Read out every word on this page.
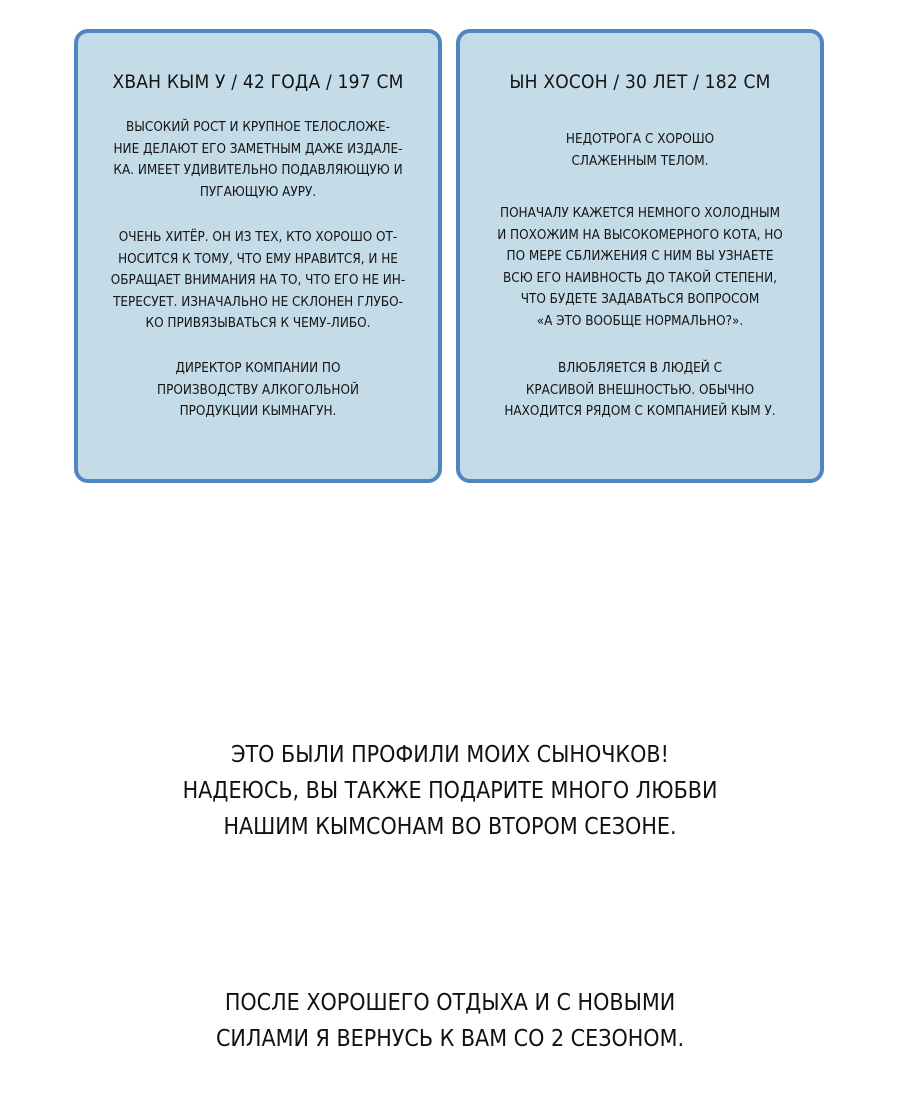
ХВАН КЫМ У / 42 ГОДА / 197 СМ

ВЫСОКИЙ РОСТ И КРУПНОЕ ТЕЛОСЛОЖЕ-
НИЕ ДЕЛАЮТ ЕГО ЗАМЕТНЫМ ДАЖЕ ИЗДАЛЕ-
КА. ИМЕЕТ УДИВИТЕЛЬНО ПОДАВЛЯЮЩУЮ И
ПУГАЮЩУЮ АУРУ.

ОЧЕНЬ ХИТЁР. ОН ИЗ ТЕХ, КТО ХОРОШО ОТ-
НОСИТСЯ К ТОМУ, ЧТО ЕМУ НРАВИТСЯ, И НЕ
ОБРАЩАЕТ ВНИМАНИЯ НА ТО, ЧТО ЕГО НЕ ИН-
ТЕРЕСУЕТ. ИЗНАЧАЛЬНО НЕ СКЛОНЕН ГЛУБО-
КО ПРИВЯЗЫВАТЬСЯ К ЧЕМУ-ЛИБО.

ДИРЕКТОР КОМПАНИИ ПО
ПРОИЗВОДСТВУ АЛКОГОЛЬНОЙ
ПРОДУКЦИИ КЫМНАГУН.

ЫН ХОСОН / 30 ЛЕТ / 182 СМ

НЕДОТРОГА С ХОРОШО
СЛАЖЕННЫМ ТЕЛОМ.

ПОНАЧАЛУ КАЖЕТСЯ НЕМНОГО ХОЛОДНЫМ
И ПОХОЖИМ НА ВЫСОКОМЕРНОГО КОТА, НО
ПО МЕРЕ СБЛИЖЕНИЯ С НИМ ВЫ УЗНАЕТЕ
ВСЮ ЕГО НАИВНОСТЬ ДО ТАКОЙ СТЕПЕНИ,
ЧТО БУДЕТЕ ЗАДАВАТЬСЯ ВОПРОСОМ
«А ЭТО ВООБЩЕ НОРМАЛЬНО?».

ВЛЮБЛЯЕТСЯ В ЛЮДЕЙ С
КРАСИВОЙ ВНЕШНОСТЬЮ. ОБЫЧНО
НАХОДИТСЯ РЯДОМ С КОМПАНИЕЙ КЫМ У.

ЭТО БЫЛИ ПРОФИЛИ МОИХ СЫНОЧКОВ!
НАДЕЮСЬ, ВЫ ТАКЖЕ ПОДАРИТЕ МНОГО ЛЮБВИ
НАШИМ КЫМСОНАМ ВО ВТОРОМ СЕЗОНЕ.

ПОСЛЕ ХОРОШЕГО ОТДЫХА И С НОВЫМИ
СИЛАМИ Я ВЕРНУСЬ К ВАМ СО 2 СЕЗОНОМ.
